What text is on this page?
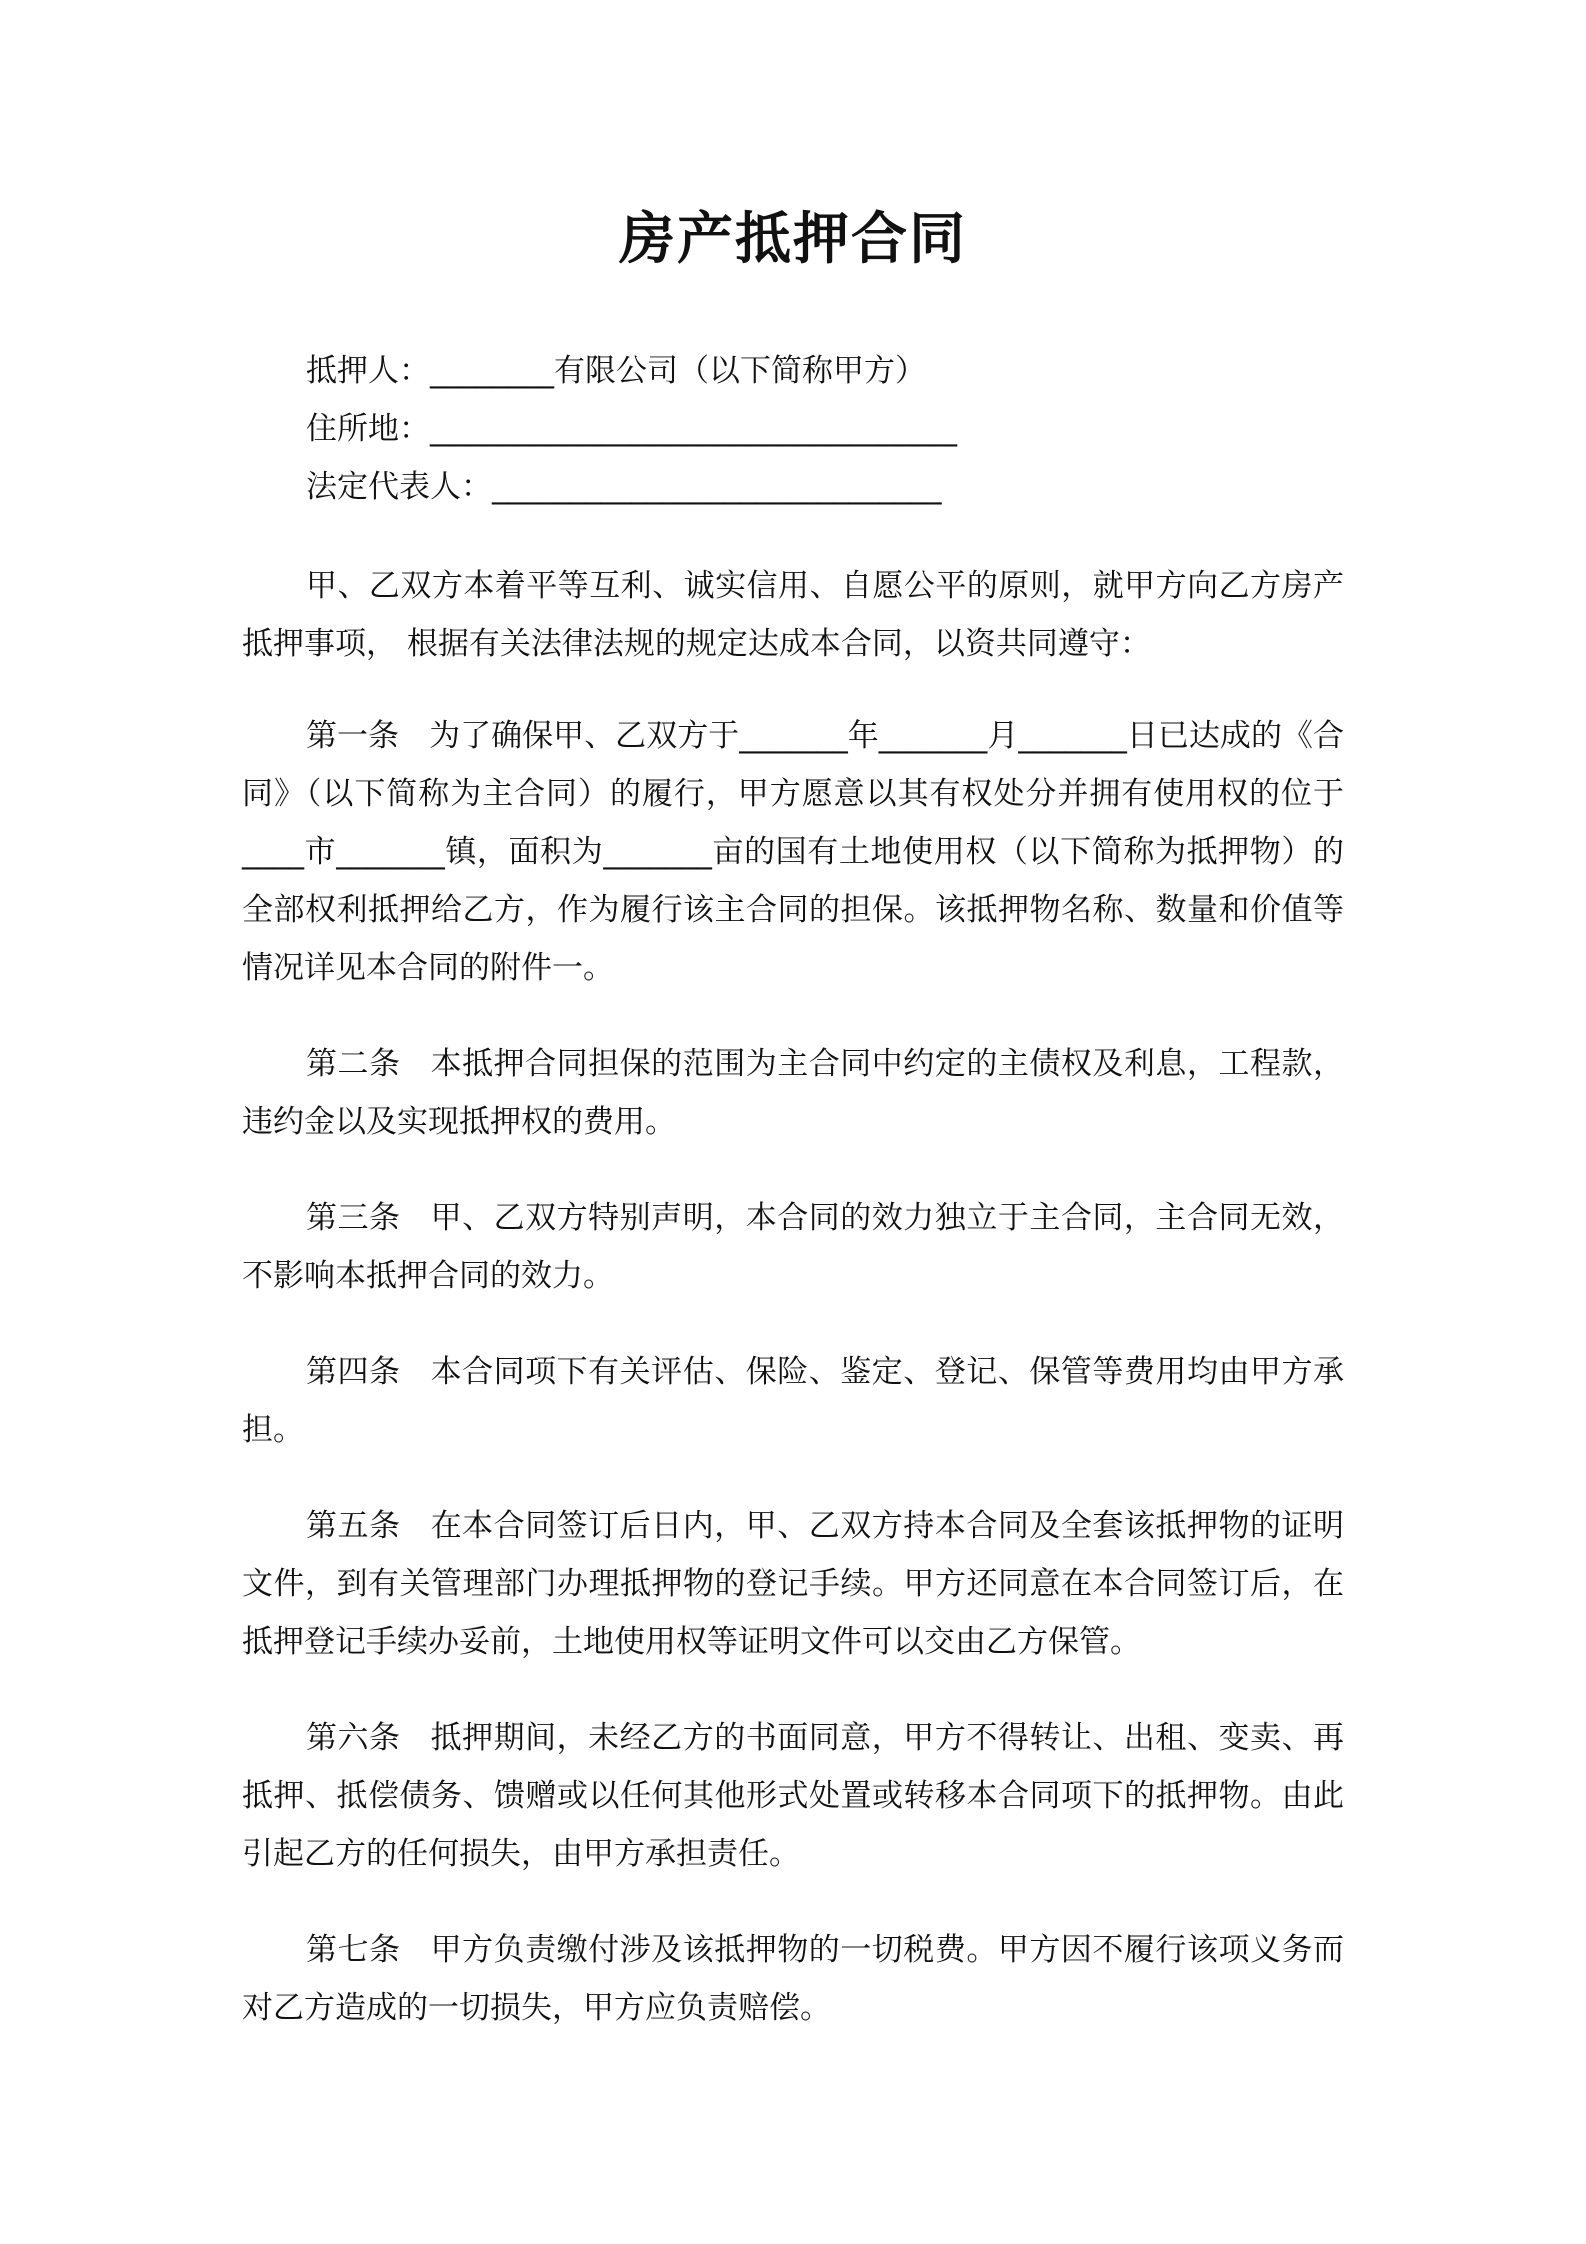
房产抵押合同
抵押人：________有限公司（以下简称甲方）
住所地：__________________________________
法定代表人：_____________________________
甲、乙双方本着平等互利、诚实信用、自愿公平的原则，就甲方向乙方房产抵押事项， 根据有关法律法规的规定达成本合同，以资共同遵守：
第一条 为了确保甲、乙双方于_______年_______月_______日已达成的《合同》（以下简称为主合同）的履行，甲方愿意以其有权处分并拥有使用权的位于____市_______镇，面积为_______亩的国有土地使用权（以下简称为抵押物）的全部权利抵押给乙方，作为履行该主合同的担保。该抵押物名称、数量和价值等情况详见本合同的附件一。
第二条 本抵押合同担保的范围为主合同中约定的主债权及利息，工程款，违约金以及实现抵押权的费用。
第三条 甲、乙双方特别声明，本合同的效力独立于主合同，主合同无效，不影响本抵押合同的效力。
第四条 本合同项下有关评估、保险、鉴定、登记、保管等费用均由甲方承担。
第五条 在本合同签订后日内，甲、乙双方持本合同及全套该抵押物的证明文件，到有关管理部门办理抵押物的登记手续。甲方还同意在本合同签订后，在抵押登记手续办妥前，土地使用权等证明文件可以交由乙方保管。
第六条 抵押期间，未经乙方的书面同意，甲方不得转让、出租、变卖、再抵押、抵偿债务、馈赠或以任何其他形式处置或转移本合同项下的抵押物。由此引起乙方的任何损失，由甲方承担责任。
第七条 甲方负责缴付涉及该抵押物的一切税费。甲方因不履行该项义务而对乙方造成的一切损失，甲方应负责赔偿。
